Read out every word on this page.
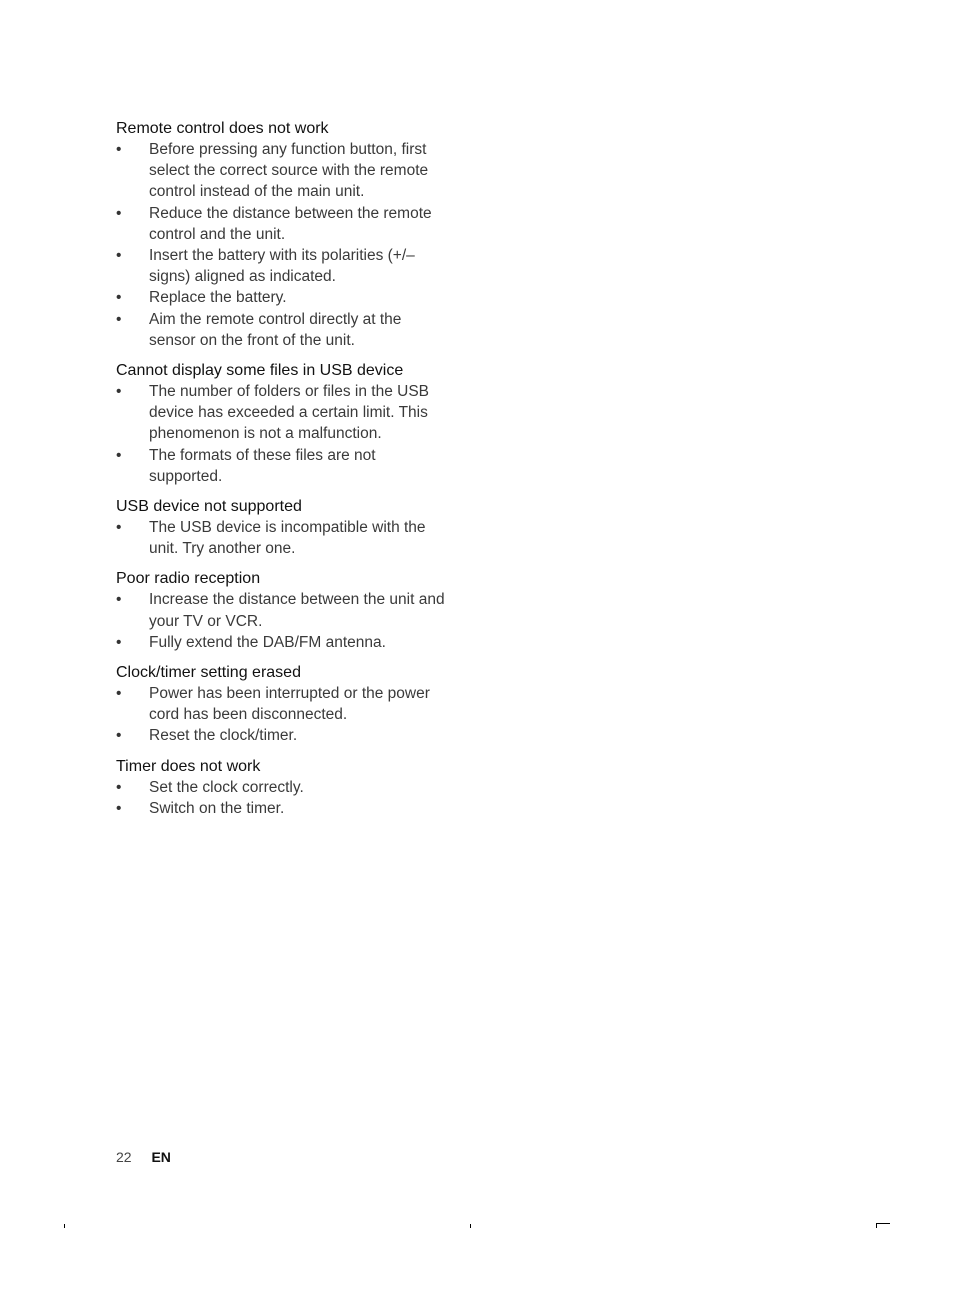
Remote control does not work
• Before pressing any function button, first select the correct source with the remote control instead of the main unit.
• Reduce the distance between the remote control and the unit.
• Insert the battery with its polarities (+/– signs) aligned as indicated.
• Replace the battery.
• Aim the remote control directly at the sensor on the front of the unit.
Cannot display some files in USB device
• The number of folders or files in the USB device has exceeded a certain limit. This phenomenon is not a malfunction.
• The formats of these files are not supported.
USB device not supported
• The USB device is incompatible with the unit. Try another one.
Poor radio reception
• Increase the distance between the unit and your TV or VCR.
• Fully extend the DAB/FM antenna.
Clock/timer setting erased
• Power has been interrupted or the power cord has been disconnected.
• Reset the clock/timer.
Timer does not work
• Set the clock correctly.
• Switch on the timer.
22 EN
